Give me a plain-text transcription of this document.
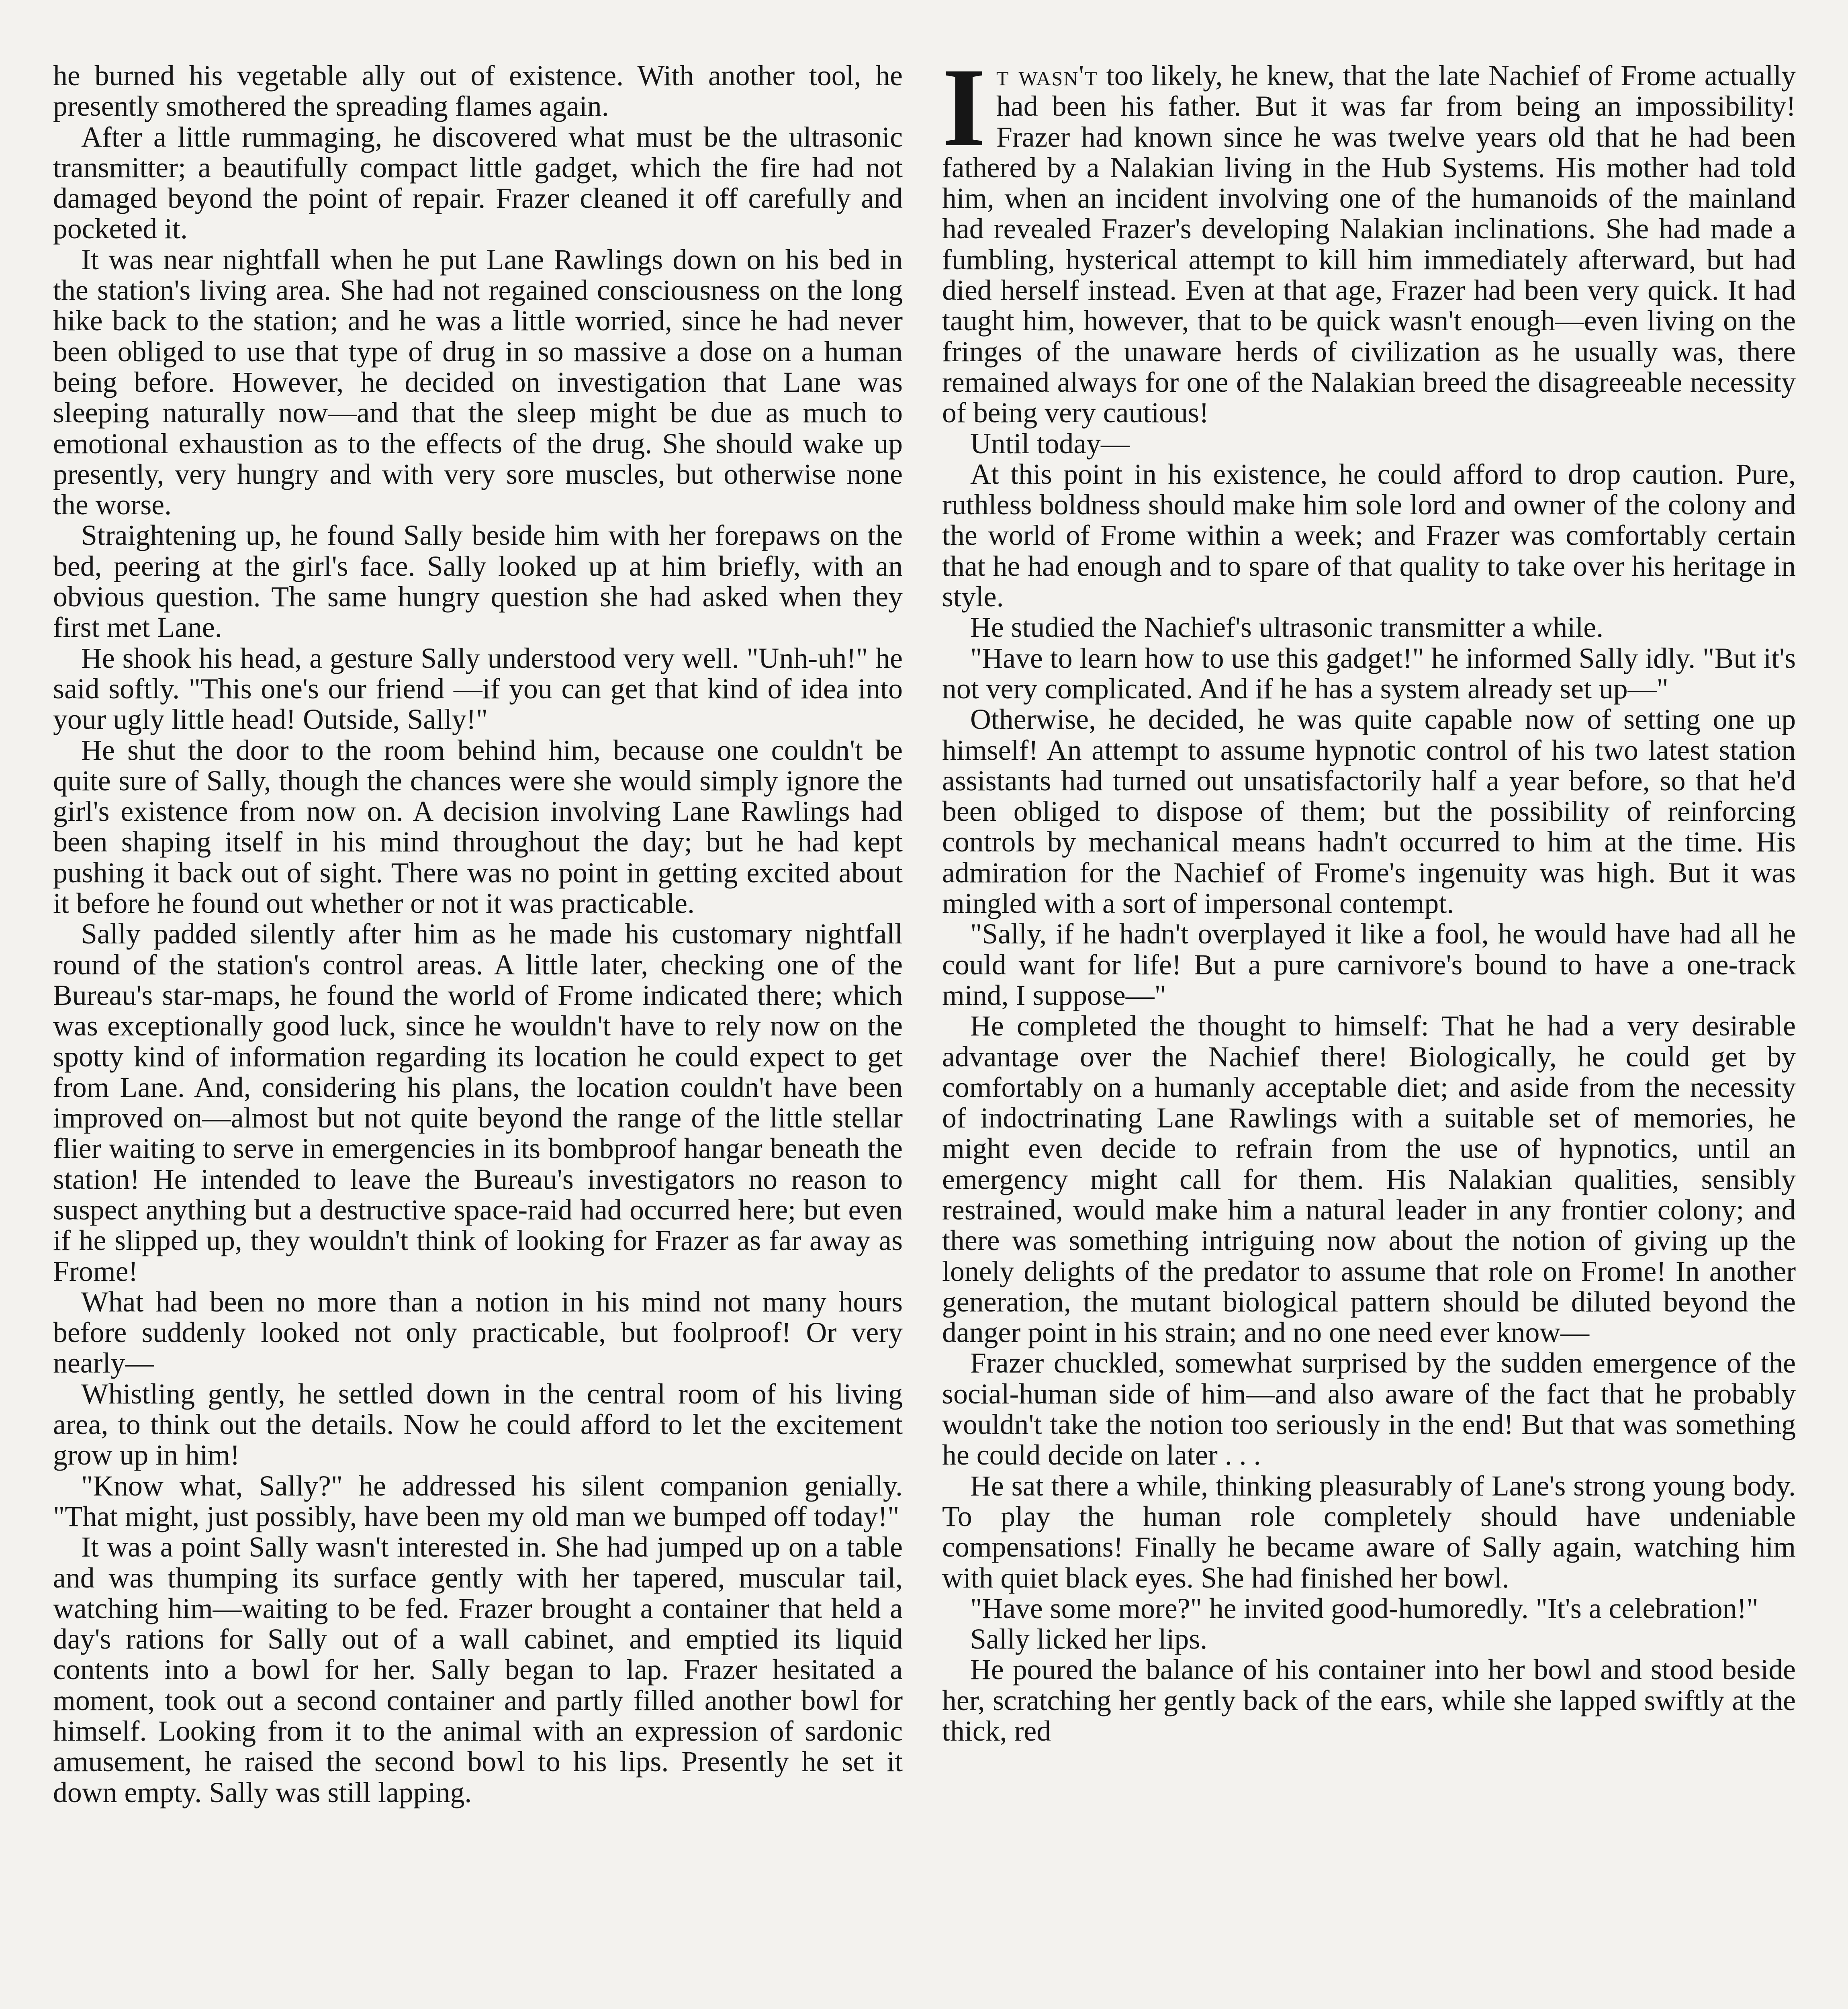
he burned his vegetable ally out of existence. With another tool, he presently smothered the spreading flames again.

After a little rummaging, he discovered what must be the ultrasonic transmitter; a beautifully compact little gadget, which the fire had not damaged beyond the point of repair. Frazer cleaned it off carefully and pocketed it.

It was near nightfall when he put Lane Rawlings down on his bed in the station's living area. She had not regained consciousness on the long hike back to the station; and he was a little worried, since he had never been obliged to use that type of drug in so massive a dose on a human being before. However, he decided on investigation that Lane was sleeping naturally now—and that the sleep might be due as much to emotional exhaustion as to the effects of the drug. She should wake up presently, very hungry and with very sore muscles, but otherwise none the worse.

Straightening up, he found Sally beside him with her forepaws on the bed, peering at the girl's face. Sally looked up at him briefly, with an obvious question. The same hungry question she had asked when they first met Lane.

He shook his head, a gesture Sally understood very well. "Unh-uh!" he said softly. "This one's our friend —if you can get that kind of idea into your ugly little head! Outside, Sally!"

He shut the door to the room behind him, because one couldn't be quite sure of Sally, though the chances were she would simply ignore the girl's existence from now on. A decision involving Lane Rawlings had been shaping itself in his mind throughout the day; but he had kept pushing it back out of sight. There was no point in getting excited about it before he found out whether or not it was practicable.

Sally padded silently after him as he made his customary nightfall round of the station's control areas. A little later, checking one of the Bureau's star-maps, he found the world of Frome indicated there; which was exceptionally good luck, since he wouldn't have to rely now on the spotty kind of information regarding its location he could expect to get from Lane. And, considering his plans, the location couldn't have been improved on—almost but not quite beyond the range of the little stellar flier waiting to serve in emergencies in its bombproof hangar beneath the station! He intended to leave the Bureau's investigators no reason to suspect anything but a destructive space-raid had occurred here; but even if he slipped up, they wouldn't think of looking for Frazer as far away as Frome!

What had been no more than a notion in his mind not many hours before suddenly looked not only practicable, but foolproof! Or very nearly—

Whistling gently, he settled down in the central room of his living area, to think out the details. Now he could afford to let the excitement grow up in him!

"Know what, Sally?" he addressed his silent companion genially. "That might, just possibly, have been my old man we bumped off today!"

It was a point Sally wasn't interested in. She had jumped up on a table and was thumping its surface gently with her tapered, muscular tail, watching him—waiting to be fed. Frazer brought a container that held a day's rations for Sally out of a wall cabinet, and emptied its liquid contents into a bowl for her. Sally began to lap. Frazer hesitated a moment, took out a second container and partly filled another bowl for himself. Looking from it to the animal with an expression of sardonic amusement, he raised the second bowl to his lips. Presently he set it down empty. Sally was still lapping.

It wasn't too likely, he knew, that the late Nachief of Frome actually had been his father. But it was far from being an impossibility! Frazer had known since he was twelve years old that he had been fathered by a Nalakian living in the Hub Systems. His mother had told him, when an incident involving one of the humanoids of the mainland had revealed Frazer's developing Nalakian inclinations. She had made a fumbling, hysterical attempt to kill him immediately afterward, but had died herself instead. Even at that age, Frazer had been very quick. It had taught him, however, that to be quick wasn't enough—even living on the fringes of the unaware herds of civilization as he usually was, there remained always for one of the Nalakian breed the disagreeable necessity of being very cautious!

Until today—

At this point in his existence, he could afford to drop caution. Pure, ruthless boldness should make him sole lord and owner of the colony and the world of Frome within a week; and Frazer was comfortably certain that he had enough and to spare of that quality to take over his heritage in style.

He studied the Nachief's ultrasonic transmitter a while.

"Have to learn how to use this gadget!" he informed Sally idly. "But it's not very complicated. And if he has a system already set up—"

Otherwise, he decided, he was quite capable now of setting one up himself! An attempt to assume hypnotic control of his two latest station assistants had turned out unsatisfactorily half a year before, so that he'd been obliged to dispose of them; but the possibility of reinforcing controls by mechanical means hadn't occurred to him at the time. His admiration for the Nachief of Frome's ingenuity was high. But it was mingled with a sort of impersonal contempt.

"Sally, if he hadn't overplayed it like a fool, he would have had all he could want for life! But a pure carnivore's bound to have a one-track mind, I suppose—"

He completed the thought to himself: That he had a very desirable advantage over the Nachief there! Biologically, he could get by comfortably on a humanly acceptable diet; and aside from the necessity of indoctrinating Lane Rawlings with a suitable set of memories, he might even decide to refrain from the use of hypnotics, until an emergency might call for them. His Nalakian qualities, sensibly restrained, would make him a natural leader in any frontier colony; and there was something intriguing now about the notion of giving up the lonely delights of the predator to assume that role on Frome! In another generation, the mutant biological pattern should be diluted beyond the danger point in his strain; and no one need ever know—

Frazer chuckled, somewhat surprised by the sudden emergence of the social-human side of him—and also aware of the fact that he probably wouldn't take the notion too seriously in the end! But that was something he could decide on later . . .

He sat there a while, thinking pleasurably of Lane's strong young body. To play the human role completely should have undeniable compensations! Finally he became aware of Sally again, watching him with quiet black eyes. She had finished her bowl.

"Have some more?" he invited good-humoredly. "It's a celebration!"

Sally licked her lips.

He poured the balance of his container into her bowl and stood beside her, scratching her gently back of the ears, while she lapped swiftly at the thick, red
